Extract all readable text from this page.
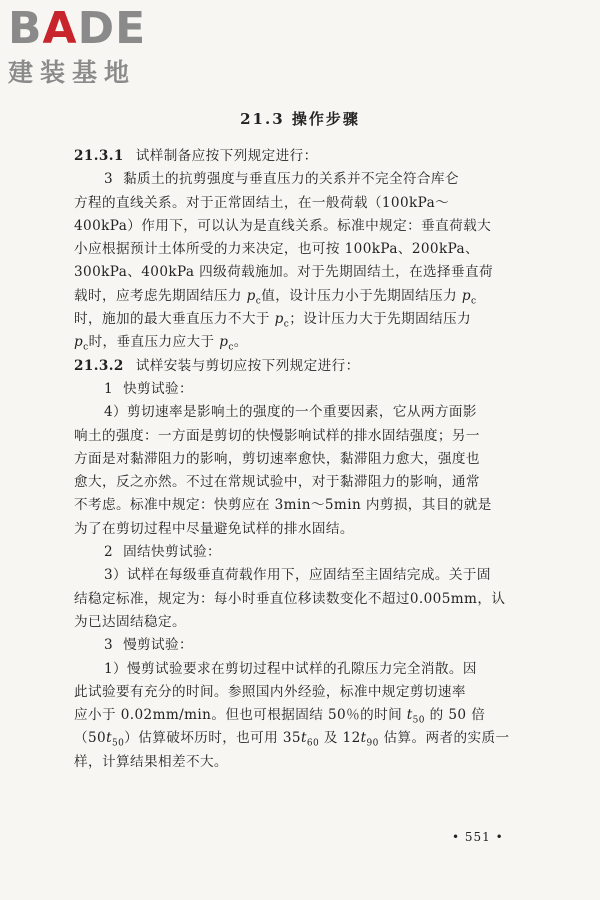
BADE
建装基地
21.3 操作步骤
21.3.1 试样制备应按下列规定进行：
3 黏质土的抗剪强度与垂直压力的关系并不完全符合库仑
方程的直线关系。对于正常固结土，在一般荷载（100kPa～
400kPa）作用下，可以认为是直线关系。标准中规定：垂直荷载大
小应根据预计土体所受的力来决定，也可按 100kPa、200kPa、
300kPa、400kPa 四级荷载施加。对于先期固结土，在选择垂直荷
载时，应考虑先期固结压力 $p_c$值，设计压力小于先期固结压力 $p_c$
时，施加的最大垂直压力不大于 $p_c$；设计压力大于先期固结压力
$p_c$时，垂直压力应大于 $p_c$。
21.3.2 试样安装与剪切应按下列规定进行：
1 快剪试验：
4）剪切速率是影响土的强度的一个重要因素，它从两方面影
响土的强度：一方面是剪切的快慢影响试样的排水固结强度；另一
方面是对黏滞阻力的影响，剪切速率愈快，黏滞阻力愈大，强度也
愈大，反之亦然。不过在常规试验中，对于黏滞阻力的影响，通常
不考虑。标准中规定：快剪应在 3min～5min 内剪损，其目的就是
为了在剪切过程中尽量避免试样的排水固结。
2 固结快剪试验：
3）试样在每级垂直荷载作用下，应固结至主固结完成。关于固
结稳定标准，规定为：每小时垂直位移读数变化不超过0.005mm，认
为已达固结稳定。
3 慢剪试验：
1）慢剪试验要求在剪切过程中试样的孔隙压力完全消散。因
此试验要有充分的时间。参照国内外经验，标准中规定剪切速率
应小于 0.02mm/min。但也可根据固结 50％的时间 $t_{50}$ 的 50 倍
$(50t_{50})$估算破坏历时，也可用 $35t_{60}$ 及 $12t_{90}$ 估算。两者的实质一
样，计算结果相差不大。
• 551 •
